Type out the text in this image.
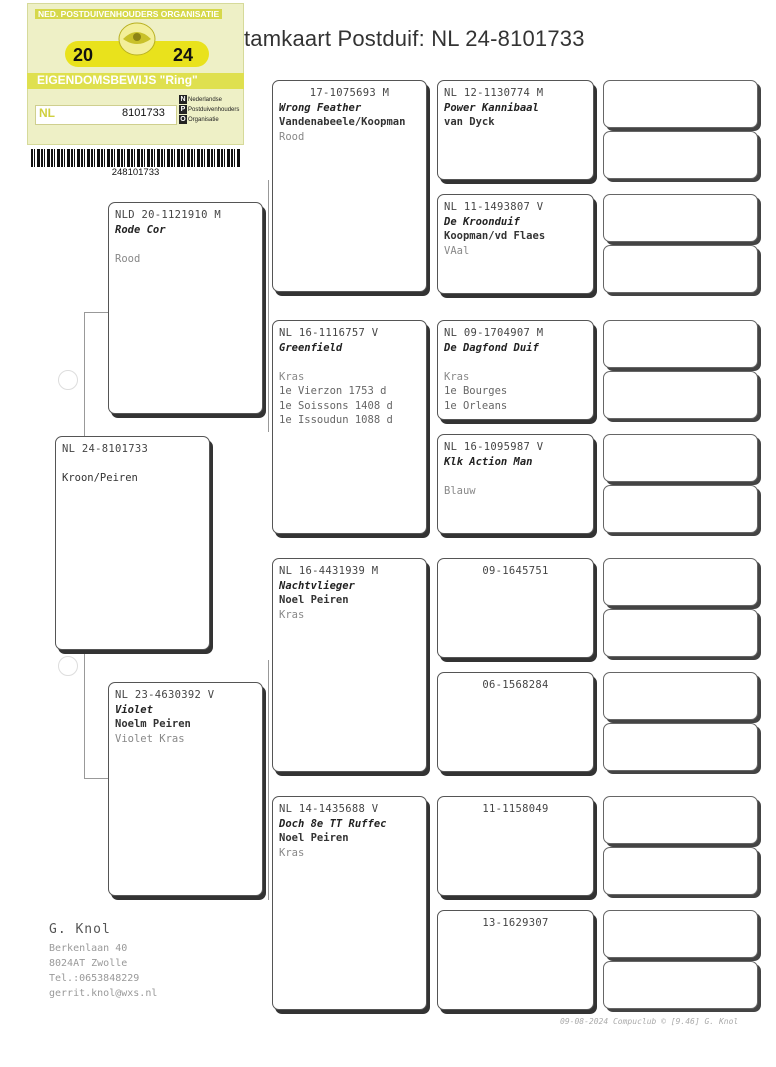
NED. POSTDUIVENHOUDERS ORGANISATIE
20	24
EIGENDOMSBEWIJS "Ring"
NL	8101733
N Nederlandse
P Postduivenhouders
O Organisatie
248101733
tamkaart Postduif: NL 24-8101733
NL 24-8101733

Kroon/Peiren
NLD 20-1121910 M
Rode Cor

Rood
NL 23-4630392 V
Violet
Noelm Peiren
Violet Kras
17-1075693 M
Wrong Feather
Vandenabeele/Koopman
Rood
NL 16-1116757 V
Greenfield

Kras
1e Vierzon 1753 d
1e Soissons 1408 d
1e Issoudun 1088 d
NL 16-4431939 M
Nachtvlieger
Noel Peiren
Kras
NL 14-1435688 V
Doch 8e TT Ruffec
Noel Peiren
Kras
NL 12-1130774 M
Power Kannibaal
van Dyck
NL 11-1493807 V
De Kroonduif
Koopman/vd Flaes
VAal
NL 09-1704907 M
De Dagfond Duif

Kras
1e Bourges
1e Orleans
NL 16-1095987 V
Klk Action Man

Blauw
09-1645751
06-1568284
11-1158049
13-1629307
G. Knol
Berkenlaan 40
8024AT Zwolle
Tel.:0653848229
gerrit.knol@wxs.nl
09-08-2024 Compuclub © [9.46] G. Knol
